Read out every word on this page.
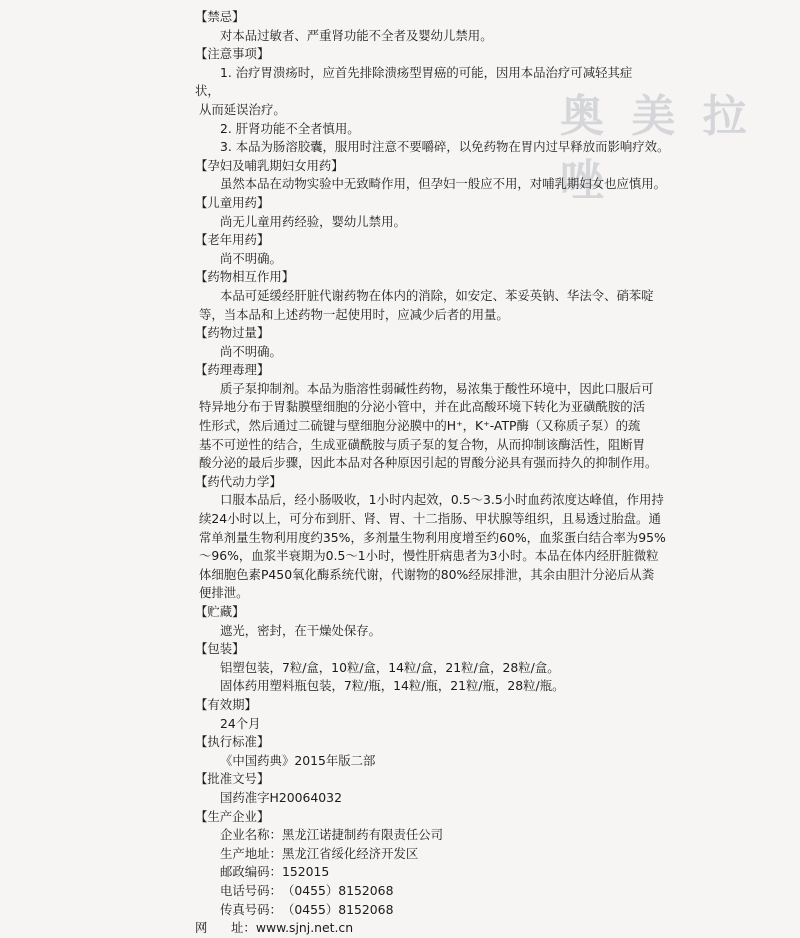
奥 美 拉 唑

【禁忌】

对本品过敏者、严重肾功能不全者及婴幼儿禁用。

【注意事项】

1. 治疗胃溃疡时，应首先排除溃疡型胃癌的可能，因用本品治疗可减轻其症状，

从而延误治疗。

2. 肝肾功能不全者慎用。

3. 本品为肠溶胶囊，服用时注意不要嚼碎，以免药物在胃内过早释放而影响疗效。

【孕妇及哺乳期妇女用药】

虽然本品在动物实验中无致畸作用，但孕妇一般应不用，对哺乳期妇女也应慎用。

【儿童用药】

尚无儿童用药经验，婴幼儿禁用。

【老年用药】

尚不明确。

【药物相互作用】

本品可延缓经肝脏代谢药物在体内的消除，如安定、苯妥英钠、华法令、硝苯啶

等，当本品和上述药物一起使用时，应减少后者的用量。

【药物过量】

尚不明确。

【药理毒理】

质子泵抑制剂。本品为脂溶性弱碱性药物，易浓集于酸性环境中，因此口服后可

特异地分布于胃黏膜壁细胞的分泌小管中，并在此高酸环境下转化为亚磺酰胺的活

性形式，然后通过二硫键与壁细胞分泌膜中的H⁺，K⁺-ATP酶（又称质子泵）的巯

基不可逆性的结合，生成亚磺酰胺与质子泵的复合物，从而抑制该酶活性，阻断胃

酸分泌的最后步骤，因此本品对各种原因引起的胃酸分泌具有强而持久的抑制作用。

【药代动力学】

口服本品后，经小肠吸收，1小时内起效，0.5～3.5小时血药浓度达峰值，作用持

续24小时以上，可分布到肝、肾、胃、十二指肠、甲状腺等组织，且易透过胎盘。通

常单剂量生物利用度约35%，多剂量生物利用度增至约60%，血浆蛋白结合率为95%

～96%，血浆半衰期为0.5～1小时，慢性肝病患者为3小时。本品在体内经肝脏微粒

体细胞色素P450氧化酶系统代谢，代谢物的80%经尿排泄，其余由胆汁分泌后从粪

便排泄。

【贮藏】

遮光，密封，在干燥处保存。

【包装】

铝塑包装，7粒/盒，10粒/盒，14粒/盒，21粒/盒，28粒/盒。

固体药用塑料瓶包装，7粒/瓶，14粒/瓶，21粒/瓶，28粒/瓶。

【有效期】

24个月

【执行标准】

《中国药典》2015年版二部

【批准文号】

国药准字H20064032

【生产企业】

企业名称：黑龙江诺捷制药有限责任公司

生产地址：黑龙江省绥化经济开发区

邮政编码：152015

电话号码：（0455）8152068

传真号码：（0455）8152068

网      址：www.sjnj.net.cn
